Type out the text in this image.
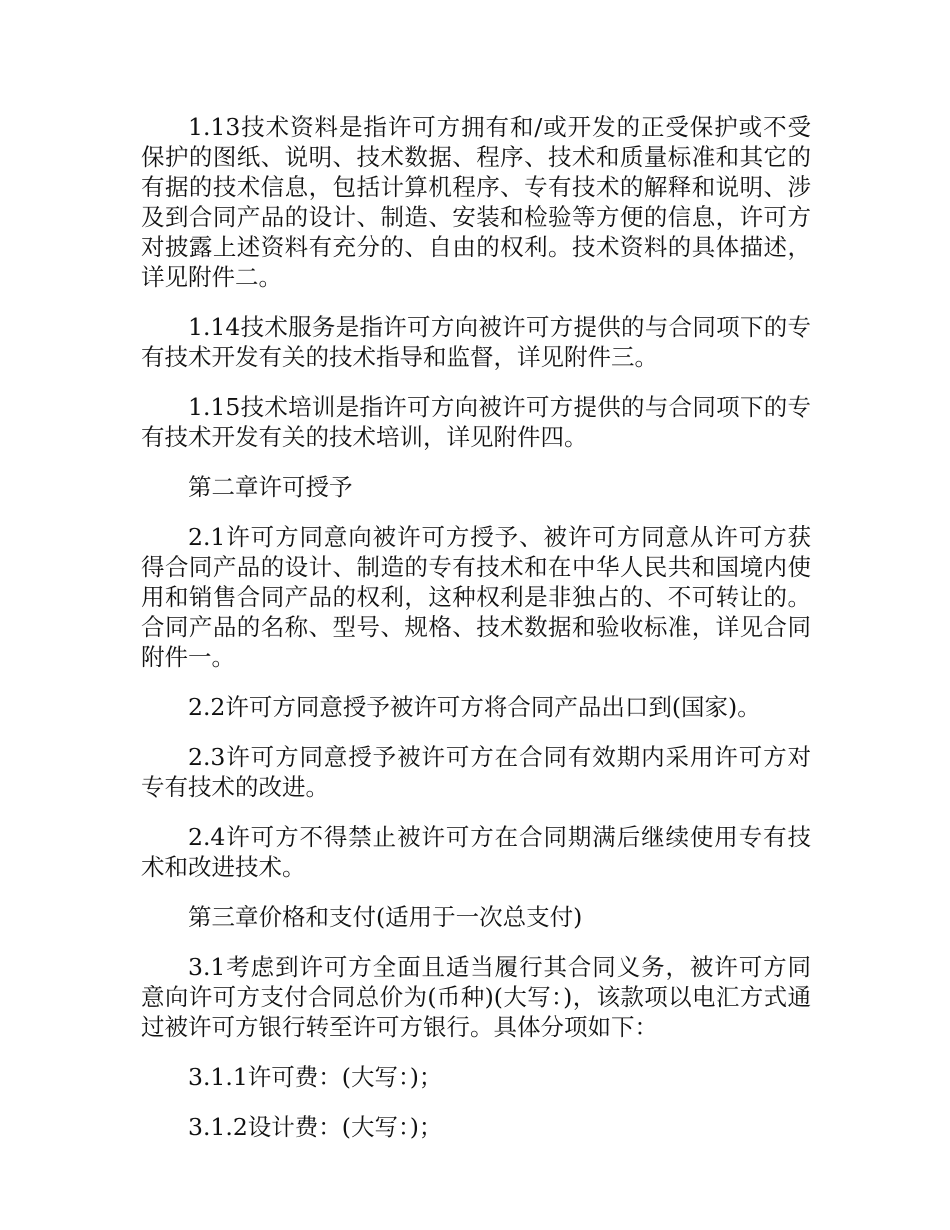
1.13技术资料是指许可方拥有和/或开发的正受保护或不受保护的图纸、说明、技术数据、程序、技术和质量标准和其它的有据的技术信息，包括计算机程序、专有技术的解释和说明、涉及到合同产品的设计、制造、安装和检验等方便的信息，许可方对披露上述资料有充分的、自由的权利。技术资料的具体描述，详见附件二。

1.14技术服务是指许可方向被许可方提供的与合同项下的专有技术开发有关的技术指导和监督，详见附件三。

1.15技术培训是指许可方向被许可方提供的与合同项下的专有技术开发有关的技术培训，详见附件四。

第二章许可授予

2.1许可方同意向被许可方授予、被许可方同意从许可方获得合同产品的设计、制造的专有技术和在中华人民共和国境内使用和销售合同产品的权利，这种权利是非独占的、不可转让的。合同产品的名称、型号、规格、技术数据和验收标准，详见合同附件一。

2.2许可方同意授予被许可方将合同产品出口到(国家)。

2.3许可方同意授予被许可方在合同有效期内采用许可方对专有技术的改进。

2.4许可方不得禁止被许可方在合同期满后继续使用专有技术和改进技术。

第三章价格和支付(适用于一次总支付)

3.1考虑到许可方全面且适当履行其合同义务，被许可方同意向许可方支付合同总价为(币种)(大写：)，该款项以电汇方式通过被许可方银行转至许可方银行。具体分项如下：

3.1.1许可费：(大写：)；

3.1.2设计费：(大写：)；
